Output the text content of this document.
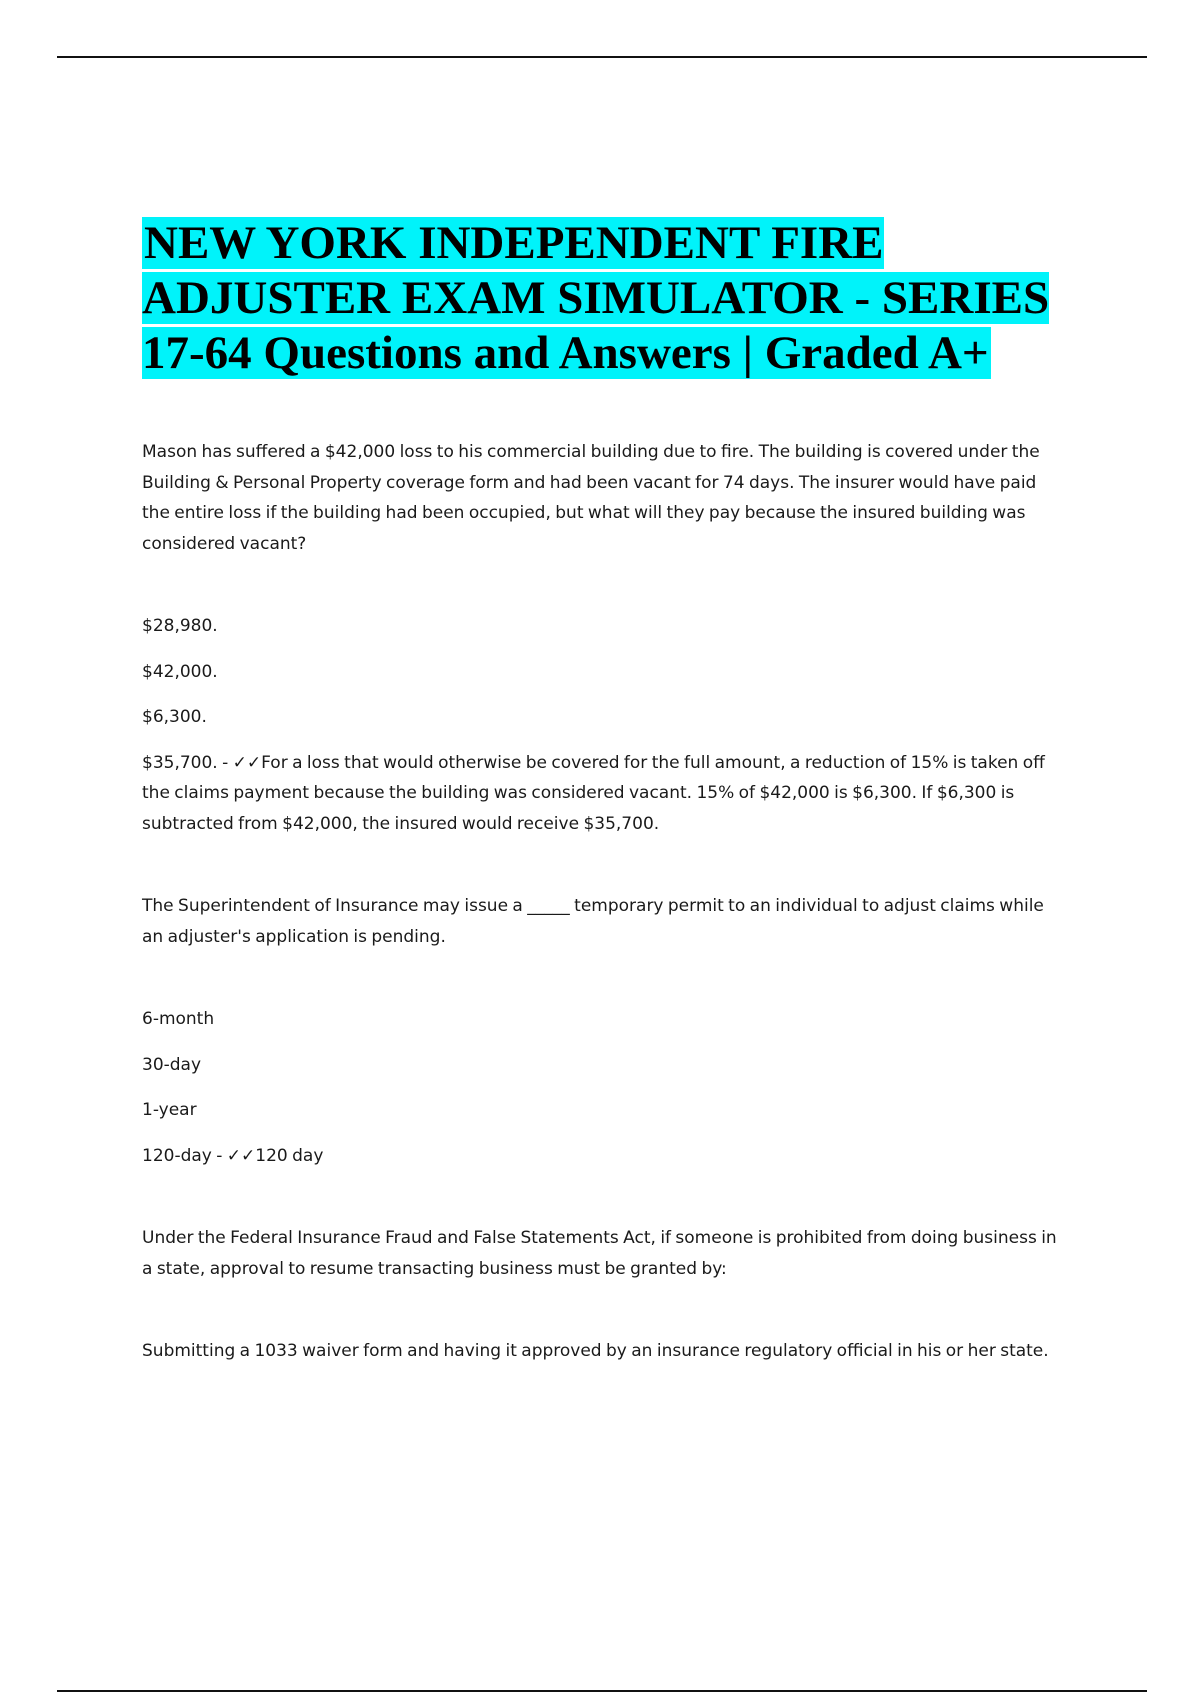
NEW YORK INDEPENDENT FIRE ADJUSTER EXAM SIMULATOR - SERIES 17-64 Questions and Answers | Graded A+

Mason has suffered a $42,000 loss to his commercial building due to fire. The building is covered under the Building & Personal Property coverage form and had been vacant for 74 days. The insurer would have paid the entire loss if the building had been occupied, but what will they pay because the insured building was considered vacant?

$28,980.

$42,000.

$6,300.

$35,700. - ✓✓For a loss that would otherwise be covered for the full amount, a reduction of 15% is taken off the claims payment because the building was considered vacant. 15% of $42,000 is $6,300. If $6,300 is subtracted from $42,000, the insured would receive $35,700.

The Superintendent of Insurance may issue a _____ temporary permit to an individual to adjust claims while an adjuster's application is pending.

6-month

30-day

1-year

120-day - ✓✓120 day

Under the Federal Insurance Fraud and False Statements Act, if someone is prohibited from doing business in a state, approval to resume transacting business must be granted by:

Submitting a 1033 waiver form and having it approved by an insurance regulatory official in his or her state.
